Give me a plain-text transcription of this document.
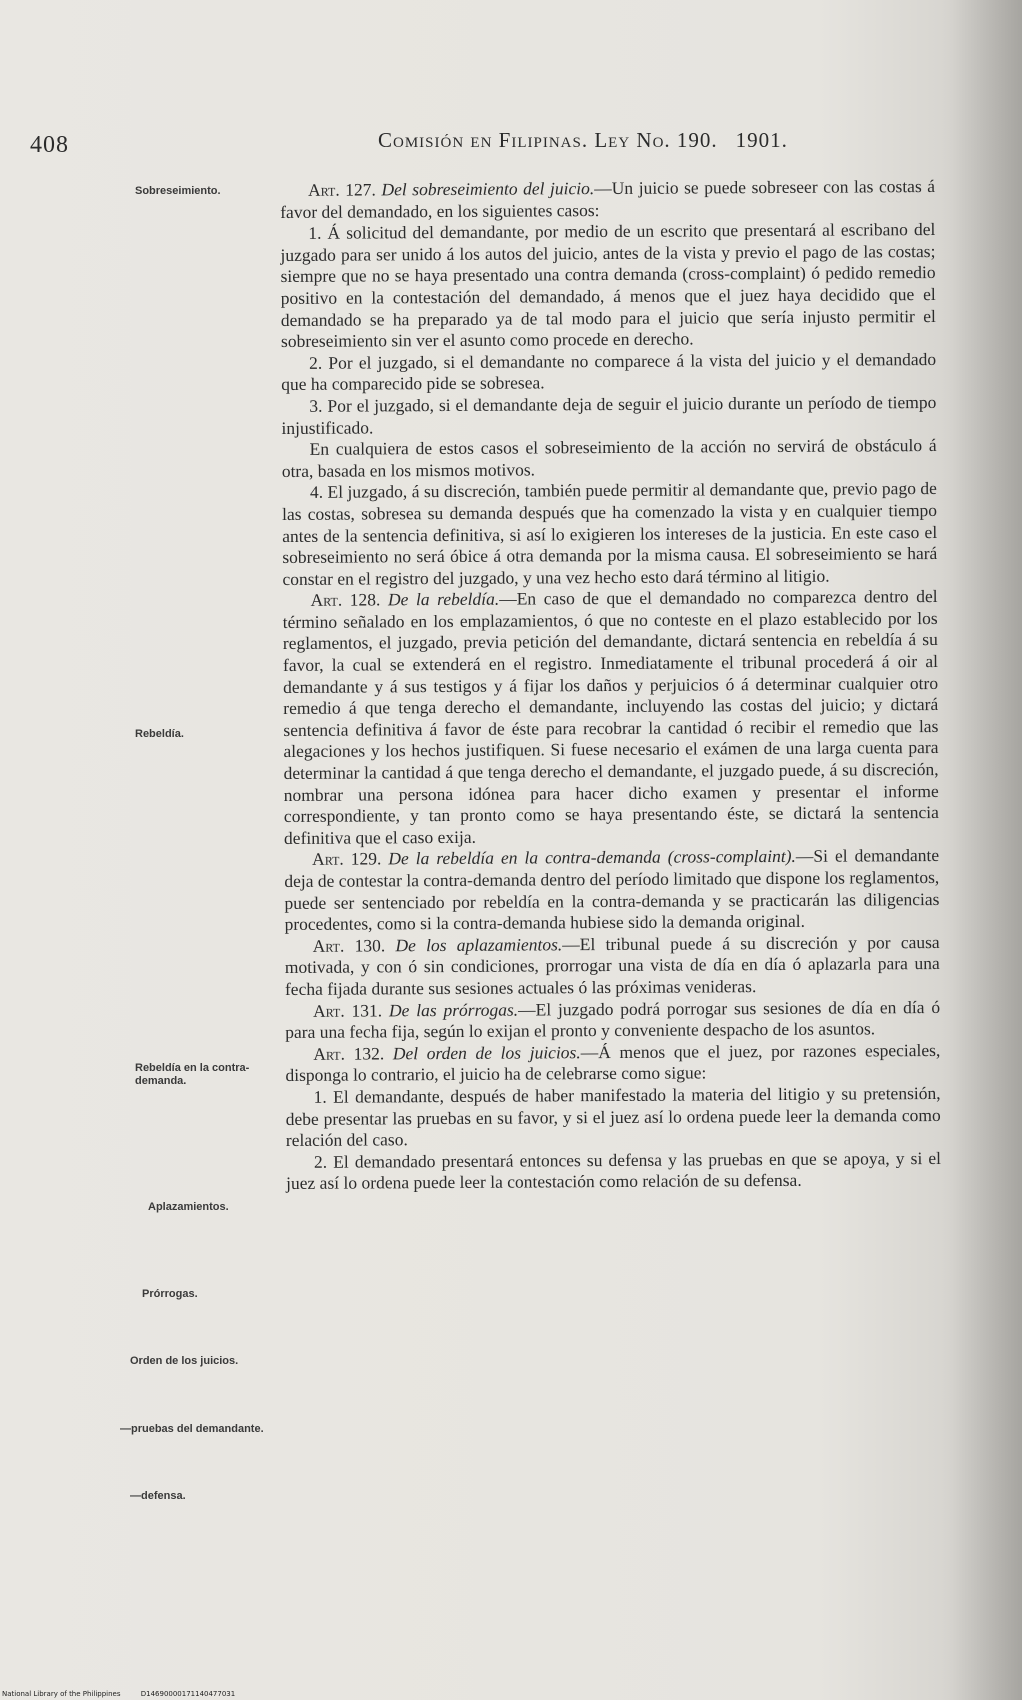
408	Comisión en Filipinas. Ley No. 190. 1901.
Sobreseimiento.
Rebeldía.
Rebeldía en la contra-demanda.
Aplazamientos.
Prórrogas.
Orden de los juicios.
—pruebas del demandante.
—defensa.

Art. 127. Del sobreseimiento del juicio.—Un juicio se puede sobreseer con las costas á favor del demandado, en los siguientes casos:

1. Á solicitud del demandante, por medio de un escrito que presentará al escribano del juzgado para ser unido á los autos del juicio, antes de la vista y previo el pago de las costas; siempre que no se haya presentado una contra demanda (cross-complaint) ó pedido remedio positivo en la contestación del demandado, á menos que el juez haya decidido que el demandado se ha preparado ya de tal modo para el juicio que sería injusto permitir el sobreseimiento sin ver el asunto como procede en derecho.

2. Por el juzgado, si el demandante no comparece á la vista del juicio y el demandado que ha comparecido pide se sobresea.

3. Por el juzgado, si el demandante deja de seguir el juicio durante un período de tiempo injustificado.

En cualquiera de estos casos el sobreseimiento de la acción no servirá de obstáculo á otra, basada en los mismos motivos.

4. El juzgado, á su discreción, también puede permitir al demandante que, previo pago de las costas, sobresea su demanda después que ha comenzado la vista y en cualquier tiempo antes de la sentencia definitiva, si así lo exigieren los intereses de la justicia. En este caso el sobreseimiento no será óbice á otra demanda por la misma causa. El sobreseimiento se hará constar en el registro del juzgado, y una vez hecho esto dará término al litigio.

Art. 128. De la rebeldía.—En caso de que el demandado no comparezca dentro del término señalado en los emplazamientos, ó que no conteste en el plazo establecido por los reglamentos, el juzgado, previa petición del demandante, dictará sentencia en rebeldía á su favor, la cual se extenderá en el registro. Inmediatamente el tribunal procederá á oir al demandante y á sus testigos y á fijar los daños y perjuicios ó á determinar cualquier otro remedio á que tenga derecho el demandante, incluyendo las costas del juicio; y dictará sentencia definitiva á favor de éste para recobrar la cantidad ó recibir el remedio que las alegaciones y los hechos justifiquen. Si fuese necesario el exámen de una larga cuenta para determinar la cantidad á que tenga derecho el demandante, el juzgado puede, á su discreción, nombrar una persona idónea para hacer dicho examen y presentar el informe correspondiente, y tan pronto como se haya presentando éste, se dictará la sentencia definitiva que el caso exija.

Art. 129. De la rebeldía en la contra-demanda (cross-complaint).—Si el demandante deja de contestar la contra-demanda dentro del período limitado que dispone los reglamentos, puede ser sentenciado por rebeldía en la contra-demanda y se practicarán las diligencias procedentes, como si la contra-demanda hubiese sido la demanda original.

Art. 130. De los aplazamientos.—El tribunal puede á su discreción y por causa motivada, y con ó sin condiciones, prorrogar una vista de día en día ó aplazarla para una fecha fijada durante sus sesiones actuales ó las próximas venideras.

Art. 131. De las prórrogas.—El juzgado podrá porrogar sus sesiones de día en día ó para una fecha fija, según lo exijan el pronto y conveniente despacho de los asuntos.

Art. 132. Del orden de los juicios.—Á menos que el juez, por razones especiales, disponga lo contrario, el juicio ha de celebrarse como sigue:

1. El demandante, después de haber manifestado la materia del litigio y su pretensión, debe presentar las pruebas en su favor, y si el juez así lo ordena puede leer la demanda como relación del caso.

2. El demandado presentará entonces su defensa y las pruebas en que se apoya, y si el juez así lo ordena puede leer la contestación como relación de su defensa.

National Library of the Philippines	D14690000171140477031
